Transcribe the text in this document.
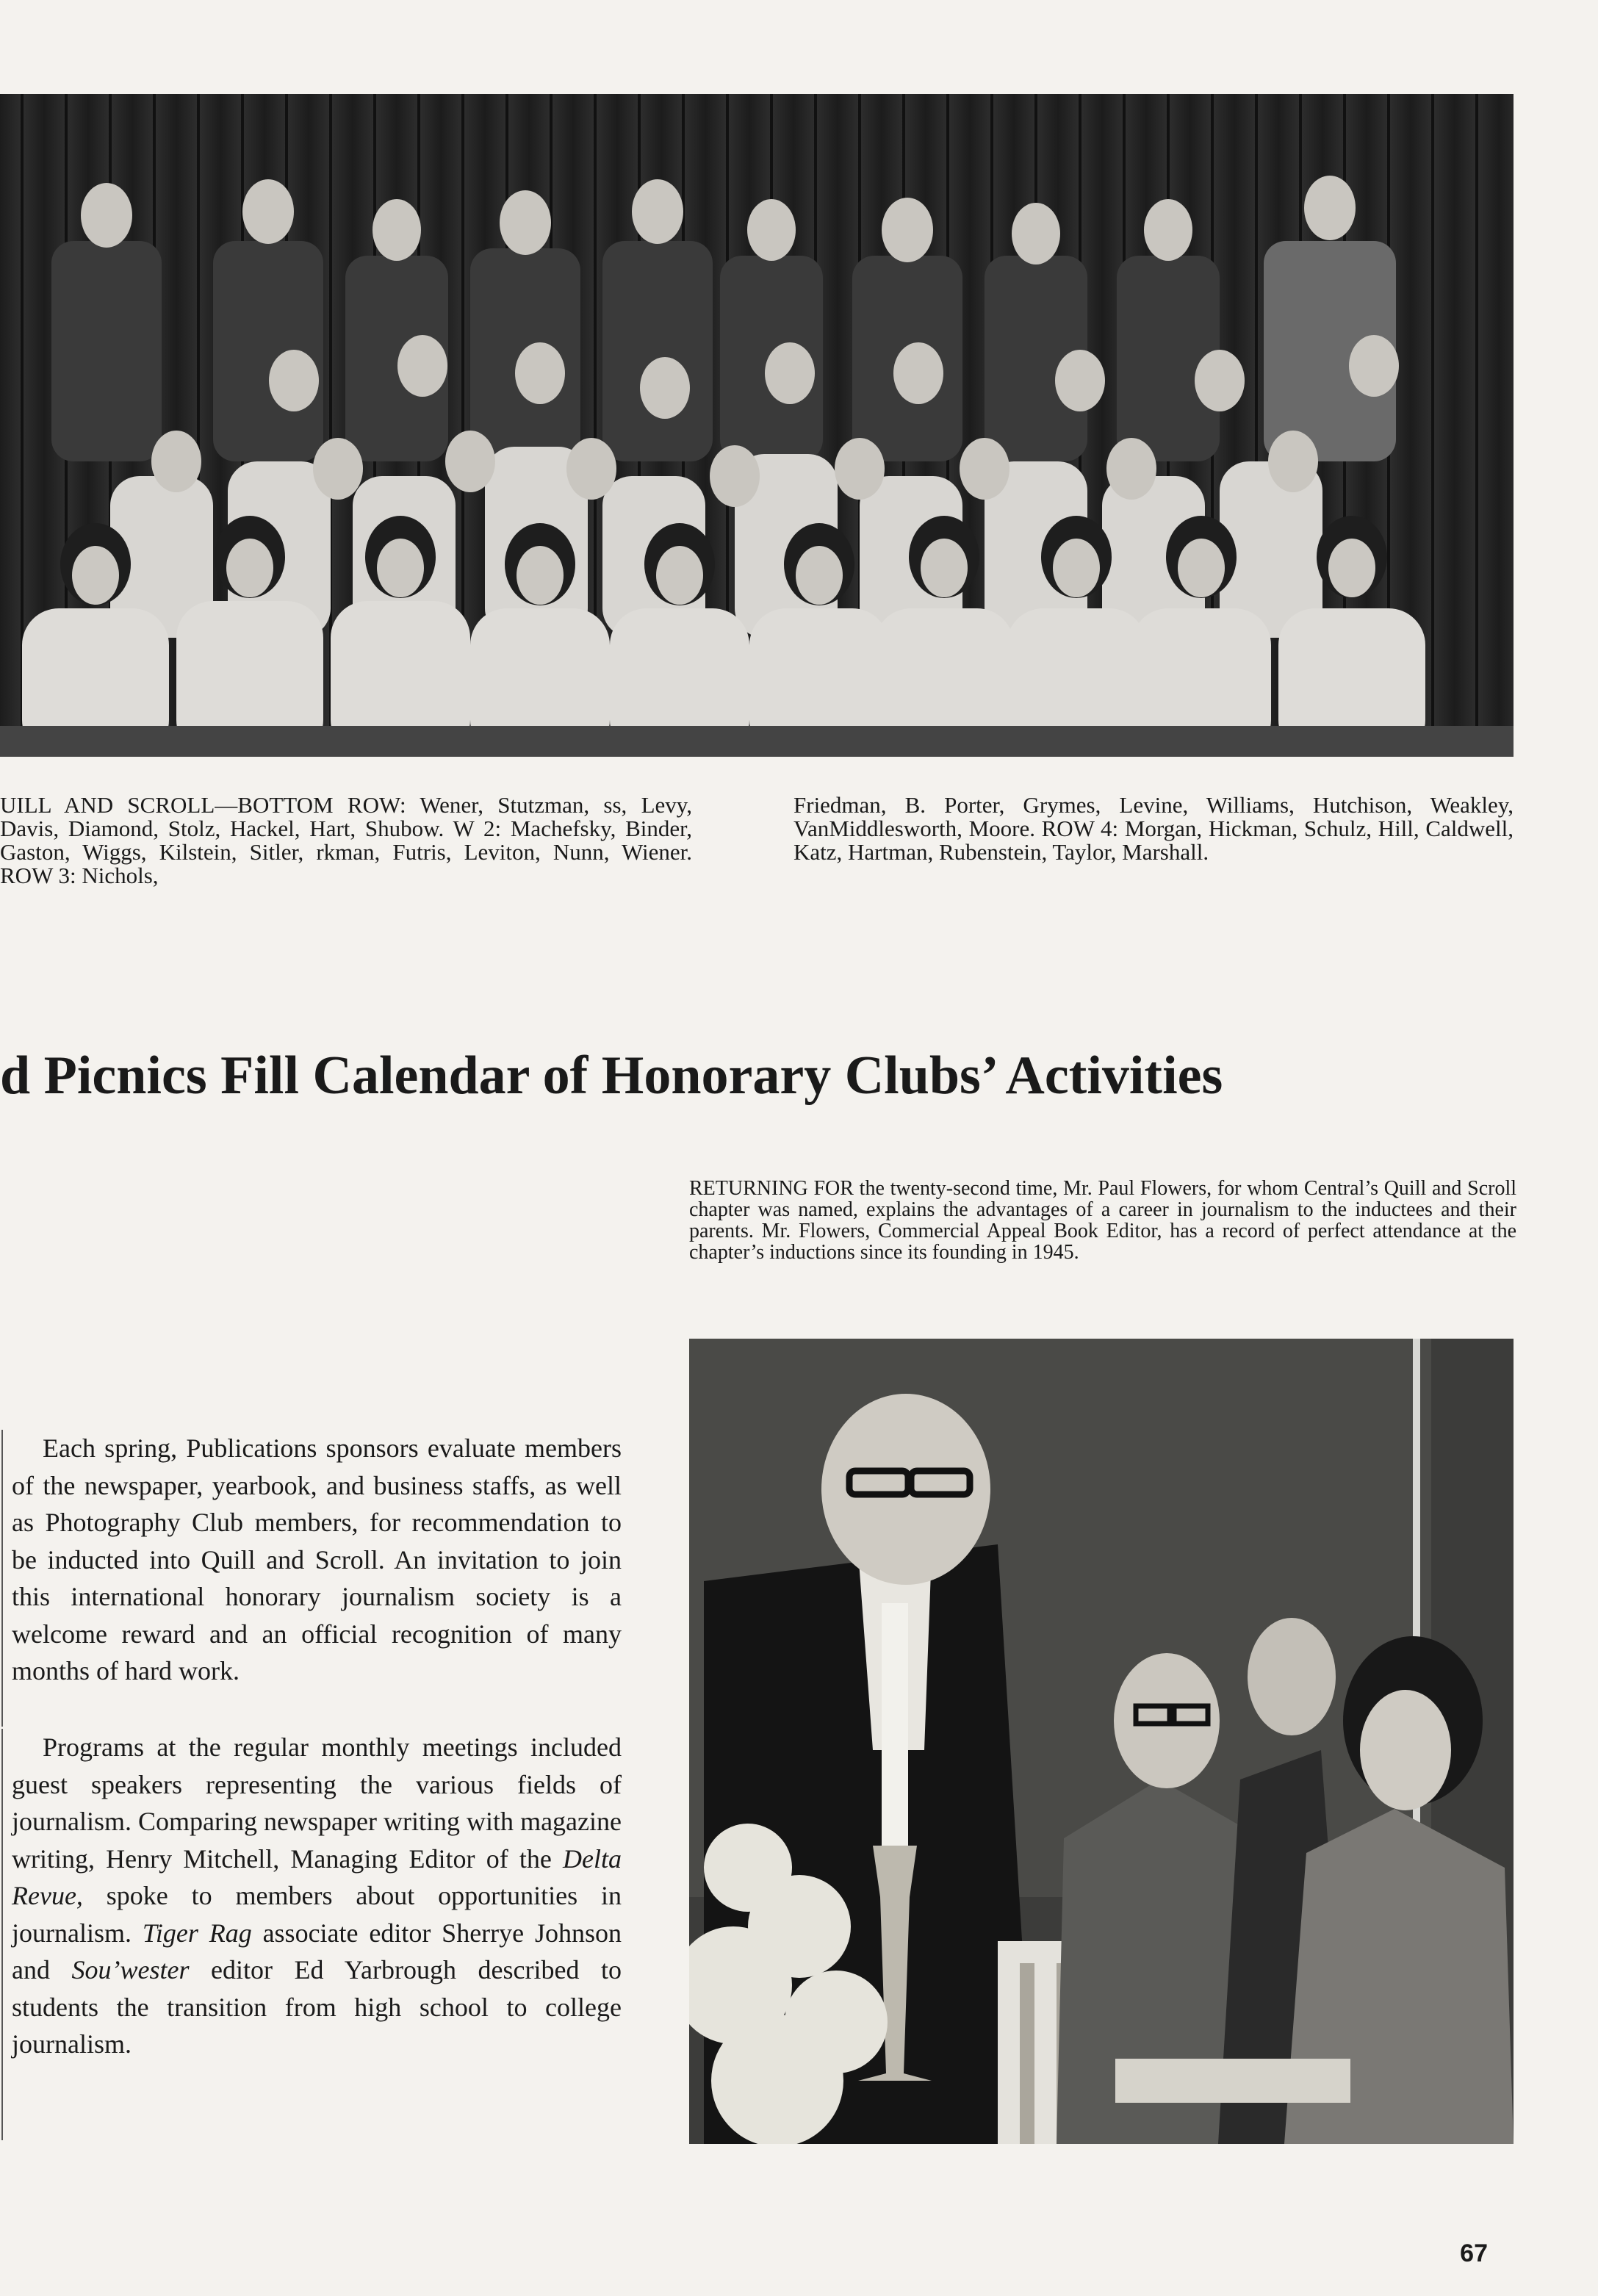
UILL AND SCROLL—BOTTOM ROW: Wener, Stutzman, ss, Levy, Davis, Diamond, Stolz, Hackel, Hart, Shubow. W 2: Machefsky, Binder, Gaston, Wiggs, Kilstein, Sitler, rkman, Futris, Leviton, Nunn, Wiener. ROW 3: Nichols,

Friedman, B. Porter, Grymes, Levine, Williams, Hutchison, Weakley, VanMiddlesworth, Moore. ROW 4: Morgan, Hickman, Schulz, Hill, Caldwell, Katz, Hartman, Rubenstein, Taylor, Marshall.

d Picnics Fill Calendar of Honorary Clubs’ Activities

RETURNING FOR the twenty-second time, Mr. Paul Flowers, for whom Central’s Quill and Scroll chapter was named, explains the advantages of a career in journalism to the inductees and their parents. Mr. Flowers, Commercial Appeal Book Editor, has a record of perfect attendance at the chapter’s inductions since its founding in 1945.

Each spring, Publications sponsors evaluate members of the newspaper, yearbook, and business staffs, as well as Photography Club members, for recommendation to be inducted into Quill and Scroll. An invitation to join this international honorary journalism society is a welcome reward and an official recognition of many months of hard work.

Programs at the regular monthly meetings included guest speakers representing the various fields of journalism. Comparing newspaper writing with magazine writing, Henry Mitchell, Managing Editor of the Delta Revue, spoke to members about opportunities in journalism. Tiger Rag associate editor Sherrye Johnson and Sou’wester editor Ed Yarbrough described to students the transition from high school to college journalism.

67
